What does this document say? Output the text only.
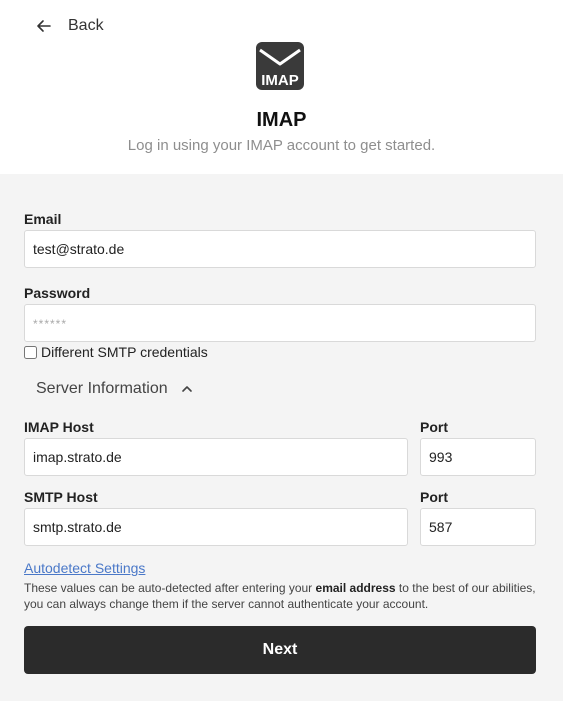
Back
IMAP
IMAP
Log in using your IMAP account to get started.
Email
test@strato.de
Password
Different SMTP credentials
Server Information
IMAP Host
imap.strato.de	Port
993
SMTP Host
smtp.strato.de	Port
587
Autodetect Settings
These values can be auto-detected after entering your email address to the best of our abilities, you can always change them if the server cannot authenticate your account.
Next
